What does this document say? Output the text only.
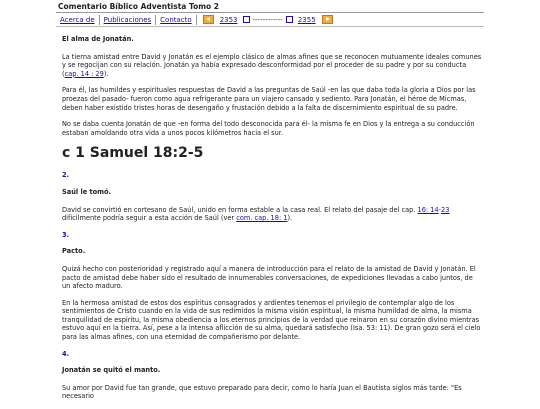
Comentario Bíblico Adventista Tomo 2
Acerca de	Publicaciones	Contacto	2353	------------	2355

El alma de Jonatán.

La tierna amistad entre David y Jonatán es el ejemplo clásico de almas afines que se reconocen mutuamente ideales comunes y se regocijan con su relación. Jonatán ya había expresado desconformidad por el proceder de su padre y por su conducta (cap. 14 : 29).

Para él, las humildes y espirituales respuestas de David a las preguntas de Saúl -en las que daba toda la gloria a Dios por las proezas del pasado- fueron como agua refrigerante para un viajero cansado y sediento. Para Jonatán, el héroe de Micmas, deben haber existido tristes horas de desengaño y frustación debido a la falta de discernimiento espiritual de su padre.

No se daba cuenta Jonatán de que -en forma del todo desconocida para él- la misma fe en Dios y la entrega a su conducción estaban amoldando otra vida a unos pocos kilómetros hacia el sur.

c 1 Samuel 18:2-5

2.

Saúl le tomó.

David se convirtió en cortesano de Saúl, unido en forma estable a la casa real. El relato del pasaje del cap. 16: 14-23 difícilmente podría seguir a esta acción de Saúl (ver com. cap. 18: 1).

3.

Pacto.

Quizá hecho con posterioridad y registrado aquí a manera de introducción para el relato de la amistad de David y Jonatán. El pacto de amistad debe haber sido el resultado de innumerables conversaciones, de expediciones llevadas a cabo juntos, de un afecto maduro.

En la hermosa amistad de estos dos espíritus consagrados y ardientes tenemos el privilegio de contemplar algo de los sentimientos de Cristo cuando en la vida de sus redimidos la misma visión espiritual, la misma humildad de alma, la misma tranquilidad de espíritu, la misma obediencia a los eternos principios de la verdad que reinaron en su corazón divino mientras estuvo aquí en la tierra. Así, pese a la intensa aflicción de su alma, quedará satisfecho (Isa. 53: 11). De gran gozo será el cielo para las almas afines, con una eternidad de compañerismo por delante.

4.

Jonatán se quitó el manto.

Su amor por David fue tan grande, que estuvo preparado para decir, como lo haría Juan el Bautista siglos más tarde: "Es necesario
